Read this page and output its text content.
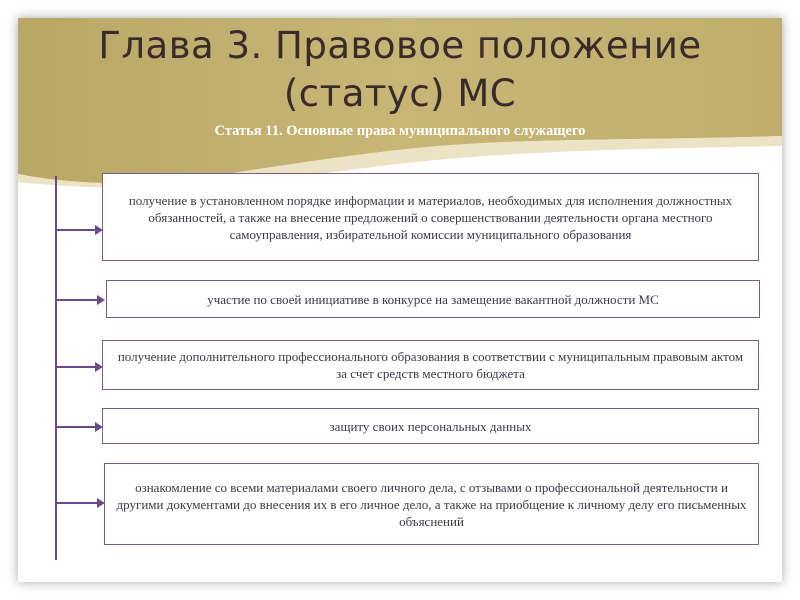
Глава 3. Правовое положение
(статус) МС
Статья 11. Основные права муниципального служащего
получение в установленном порядке информации и материалов, необходимых для исполнения должностных обязанностей, а также на внесение предложений о совершенствовании деятельности органа местного самоуправления, избирательной комиссии муниципального образования
участие по своей инициативе в конкурсе на замещение вакантной должности МС
получение дополнительного профессионального образования в соответствии с муниципальным правовым актом за счет средств местного бюджета
защиту своих персональных данных
ознакомление со всеми материалами своего личного дела, с отзывами о профессиональной деятельности и другими документами до внесения их в его личное дело, а также на приобщение к личному делу его письменных объяснений
